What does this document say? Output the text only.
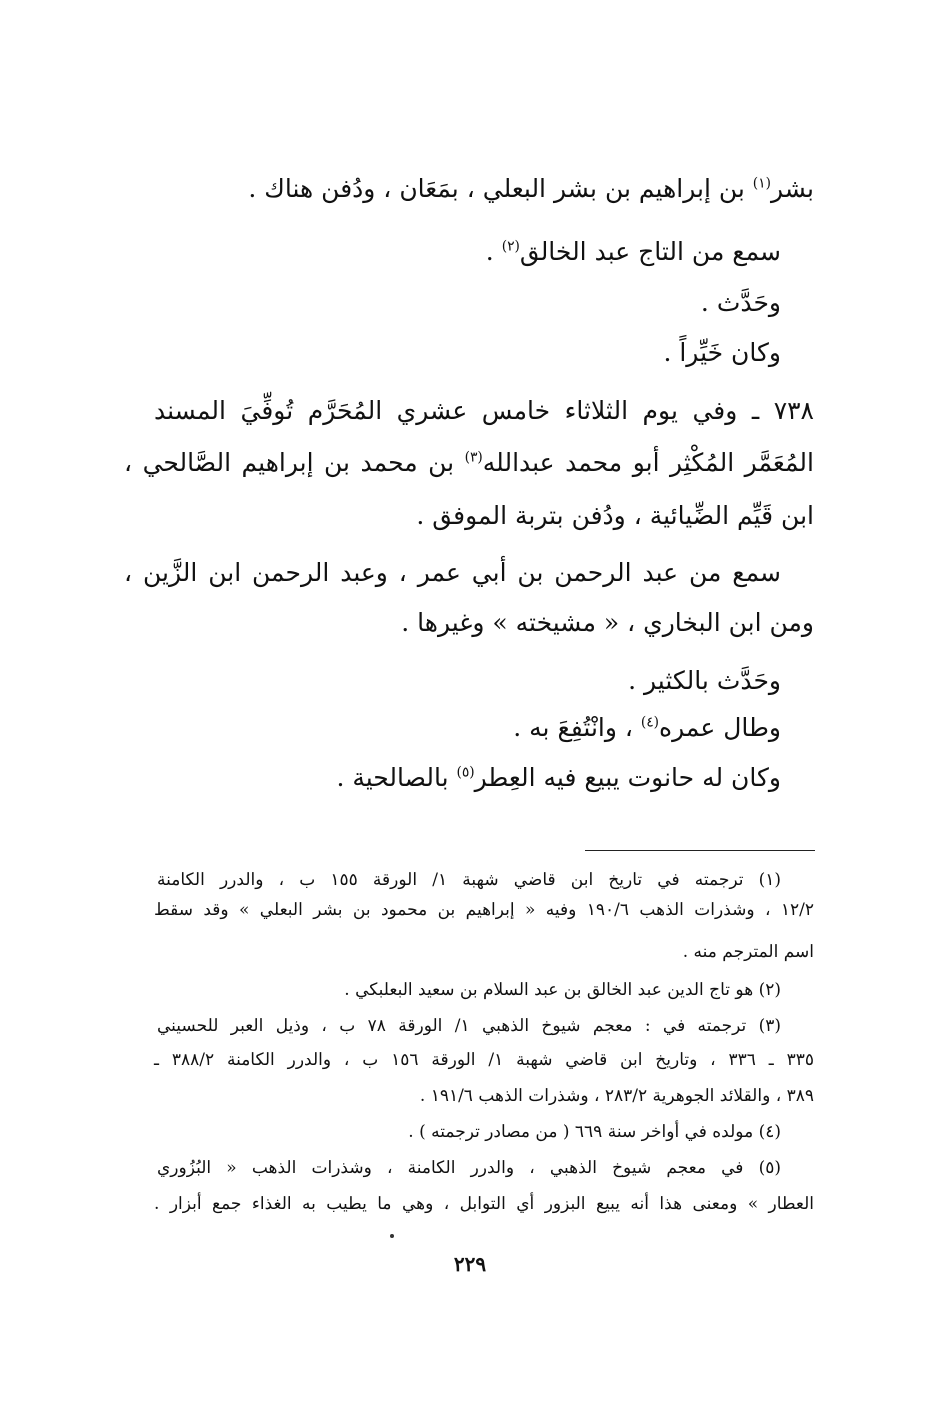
بشر$^{(١)}$ بن إبراهيم بن بشر البعلي ، بمَعَان ، ودُفن هناك .
سمع من التاج عبد الخالق$^{(٢)}$ .
وحَدَّث .
وكان خَيِّراً .
٧٣٨ ـ وفي يوم الثلاثاء خامس عشري المُحَرَّم تُوفِّيَ المسند
المُعَمَّر المُكْثِر أبو محمد عبدالله$^{(٣)}$ بن محمد بن إبراهيم الصَّالحي ،
ابن قَيِّم الضِّيائية ، ودُفن بتربة الموفق .
سمع من عبد الرحمن بن أبي عمر ، وعبد الرحمن ابن الزَّين ،
ومن ابن البخاري ، « مشيخته » وغيرها .
وحَدَّث بالكثير .
وطال عمره$^{(٤)}$ ، وانْتُفِعَ به .
وكان له حانوت يبيع فيه العِطر$^{(٥)}$ بالصالحية .
(١) ترجمته في تاريخ ابن قاضي شهبة ١/ الورقة ١٥٥ ب ، والدرر الكامنة
١٢/٢ ، وشذرات الذهب ١٩٠/٦ وفيه « إبراهيم بن محمود بن بشر البعلي » وقد سقط
اسم المترجم منه .
(٢) هو تاج الدين عبد الخالق بن عبد السلام بن سعيد البعلبكي .
(٣) ترجمته في : معجم شيوخ الذهبي ١/ الورقة ٧٨ ب ، وذيل العبر للحسيني
٣٣٥ ـ ٣٣٦ ، وتاريخ ابن قاضي شهبة ١/ الورقة ١٥٦ ب ، والدرر الكامنة ٣٨٨/٢ ـ
٣٨٩ ، والقلائد الجوهرية ٢٨٣/٢ ، وشذرات الذهب ١٩١/٦ .
(٤) مولده في أواخر سنة ٦٦٩ ( من مصادر ترجمته ) .
(٥) في معجم شيوخ الذهبي ، والدرر الكامنة ، وشذرات الذهب « البُزُوري
العطار » ومعنى هذا أنه يبيع البزور أي التوابل ، وهي ما يطيب به الغذاء جمع أبزار .
٢٢٩
